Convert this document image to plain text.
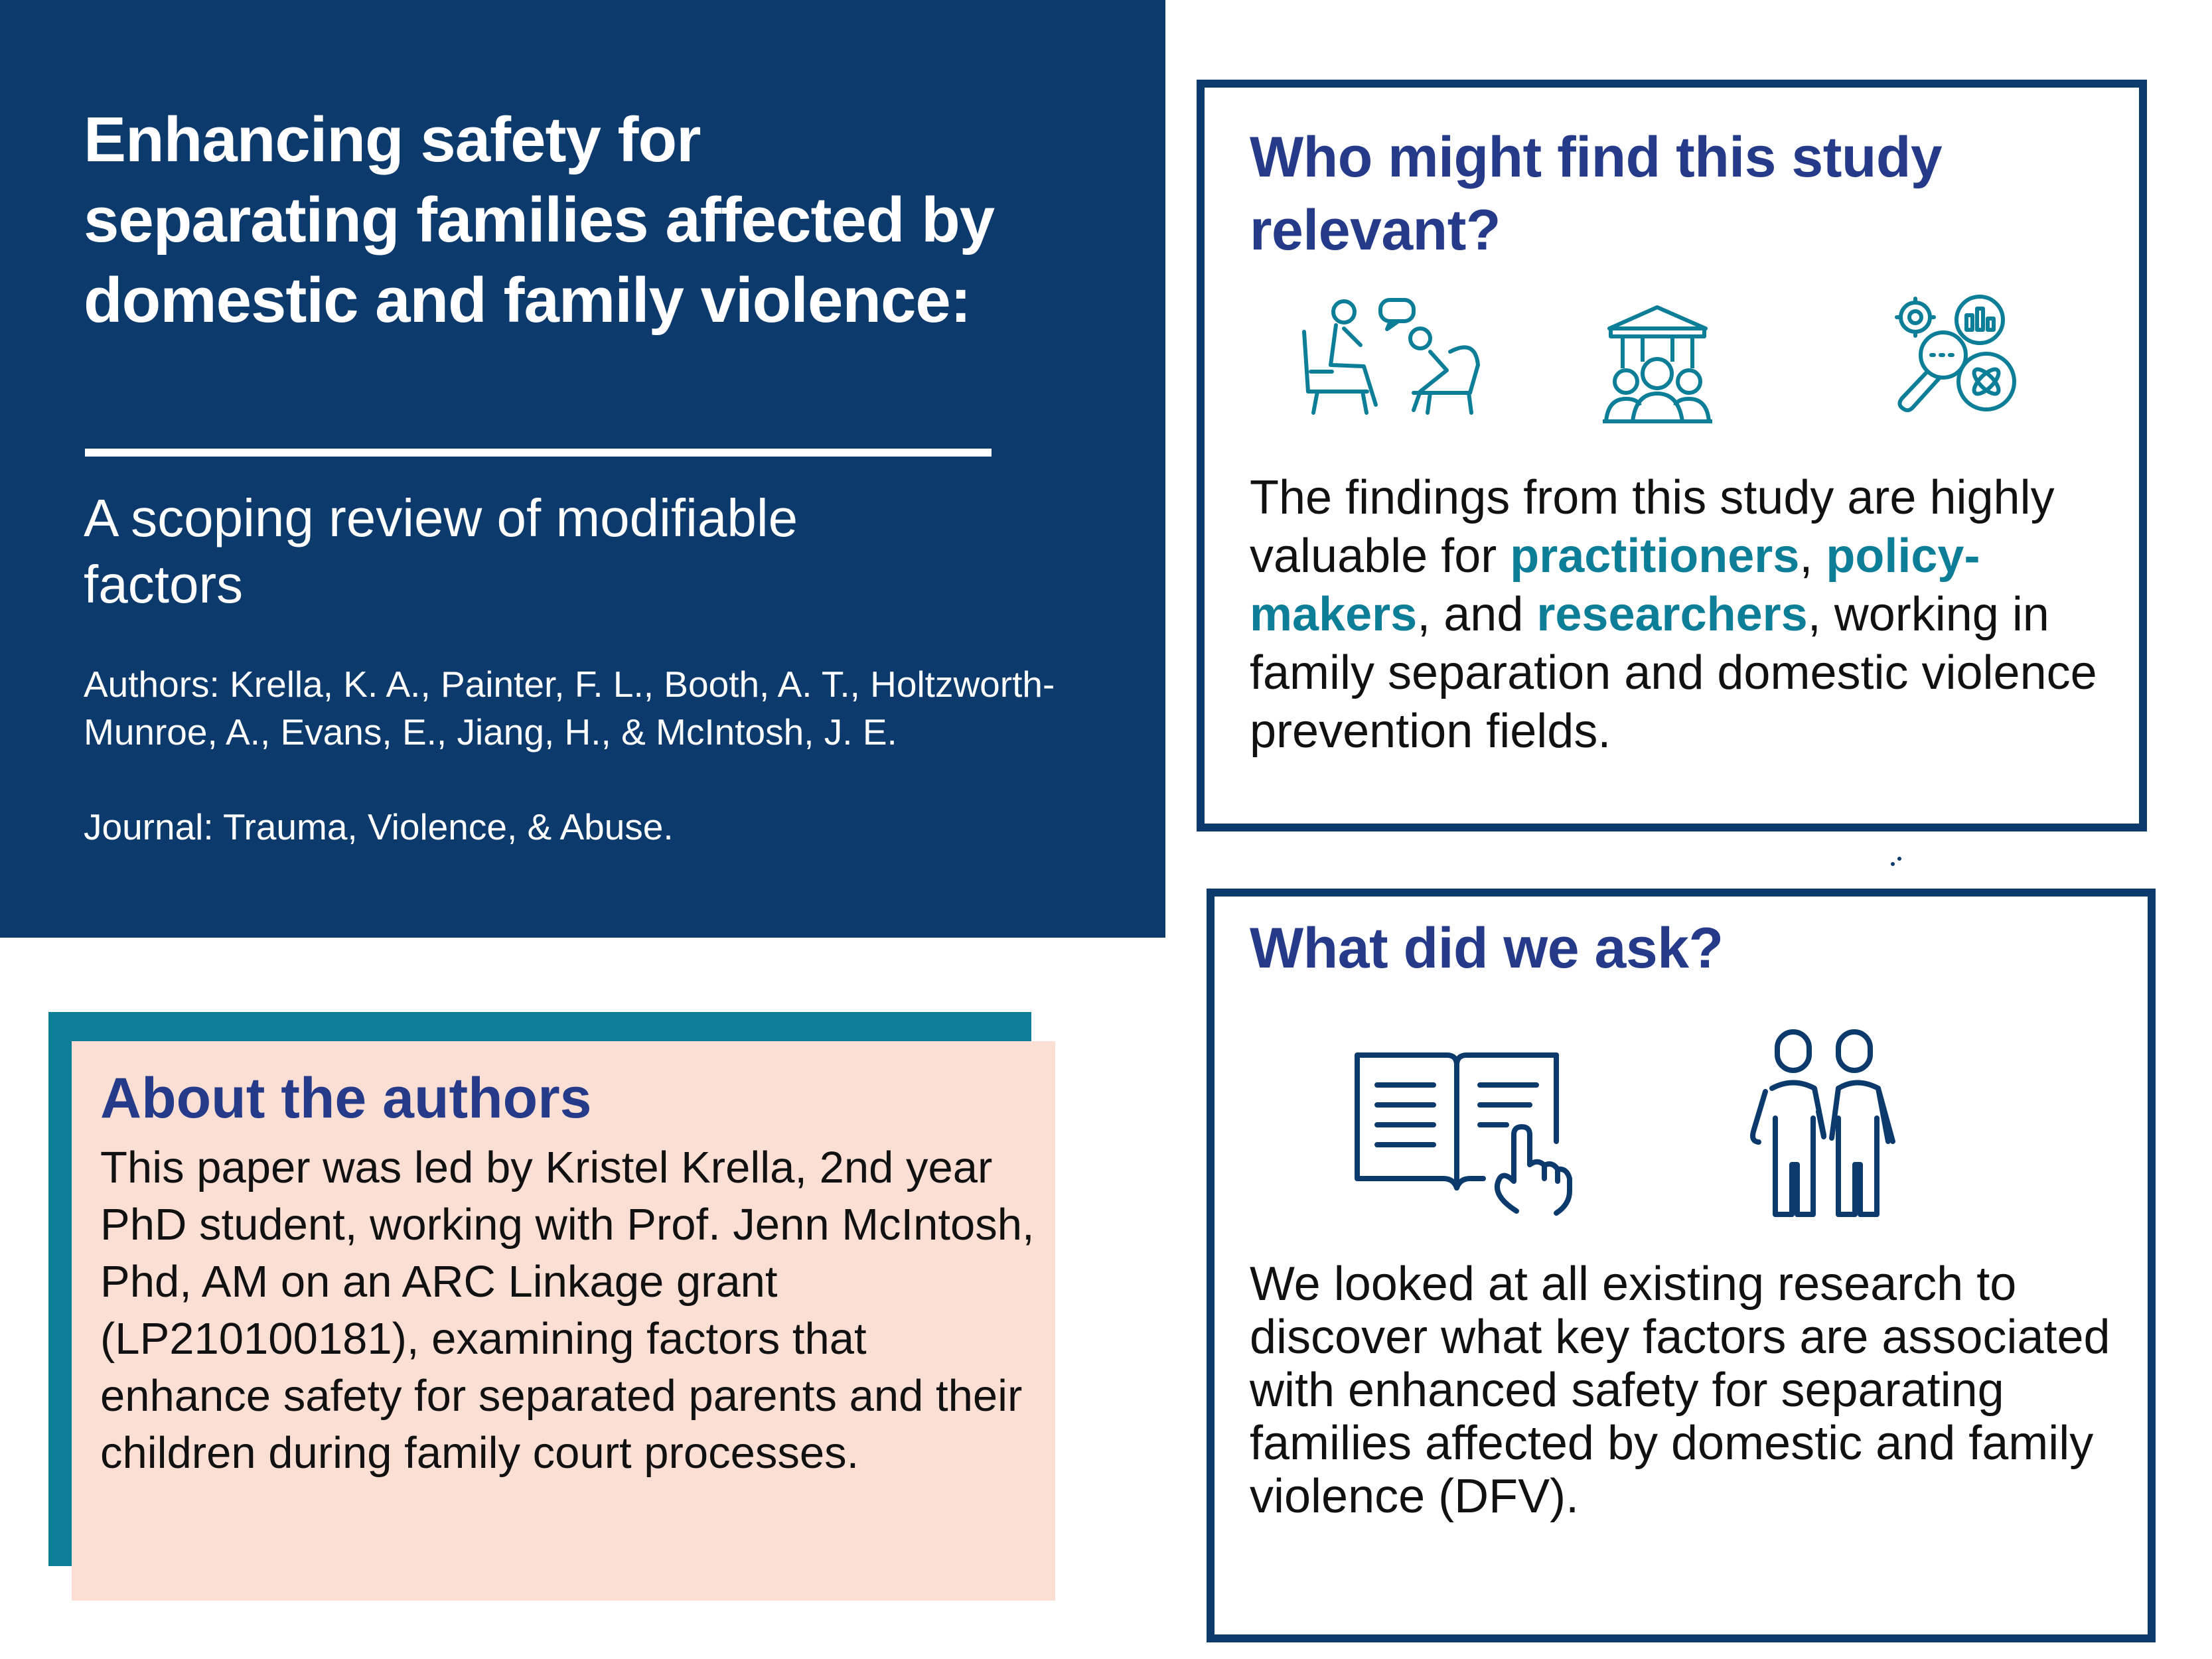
Enhancing safety for separating families affected by domestic and family violence:
A scoping review of modifiable factors

Authors: Krella, K. A., Painter, F. L., Booth, A. T., Holtzworth-Munroe, A., Evans, E., Jiang, H., & McIntosh, J. E.

Journal: Trauma, Violence, & Abuse.

About the authors

This paper was led by Kristel Krella, 2nd year PhD student, working with Prof. Jenn McIntosh, Phd, AM on an ARC Linkage grant (LP210100181), examining factors that enhance safety for separated parents and their children during family court processes.

Who might find this study relevant?

The findings from this study are highly valuable for practitioners, policy-makers, and researchers, working in family separation and domestic violence prevention fields.

What did we ask?

We looked at all existing research to discover what key factors are associated with enhanced safety for separating families affected by domestic and family violence (DFV).
